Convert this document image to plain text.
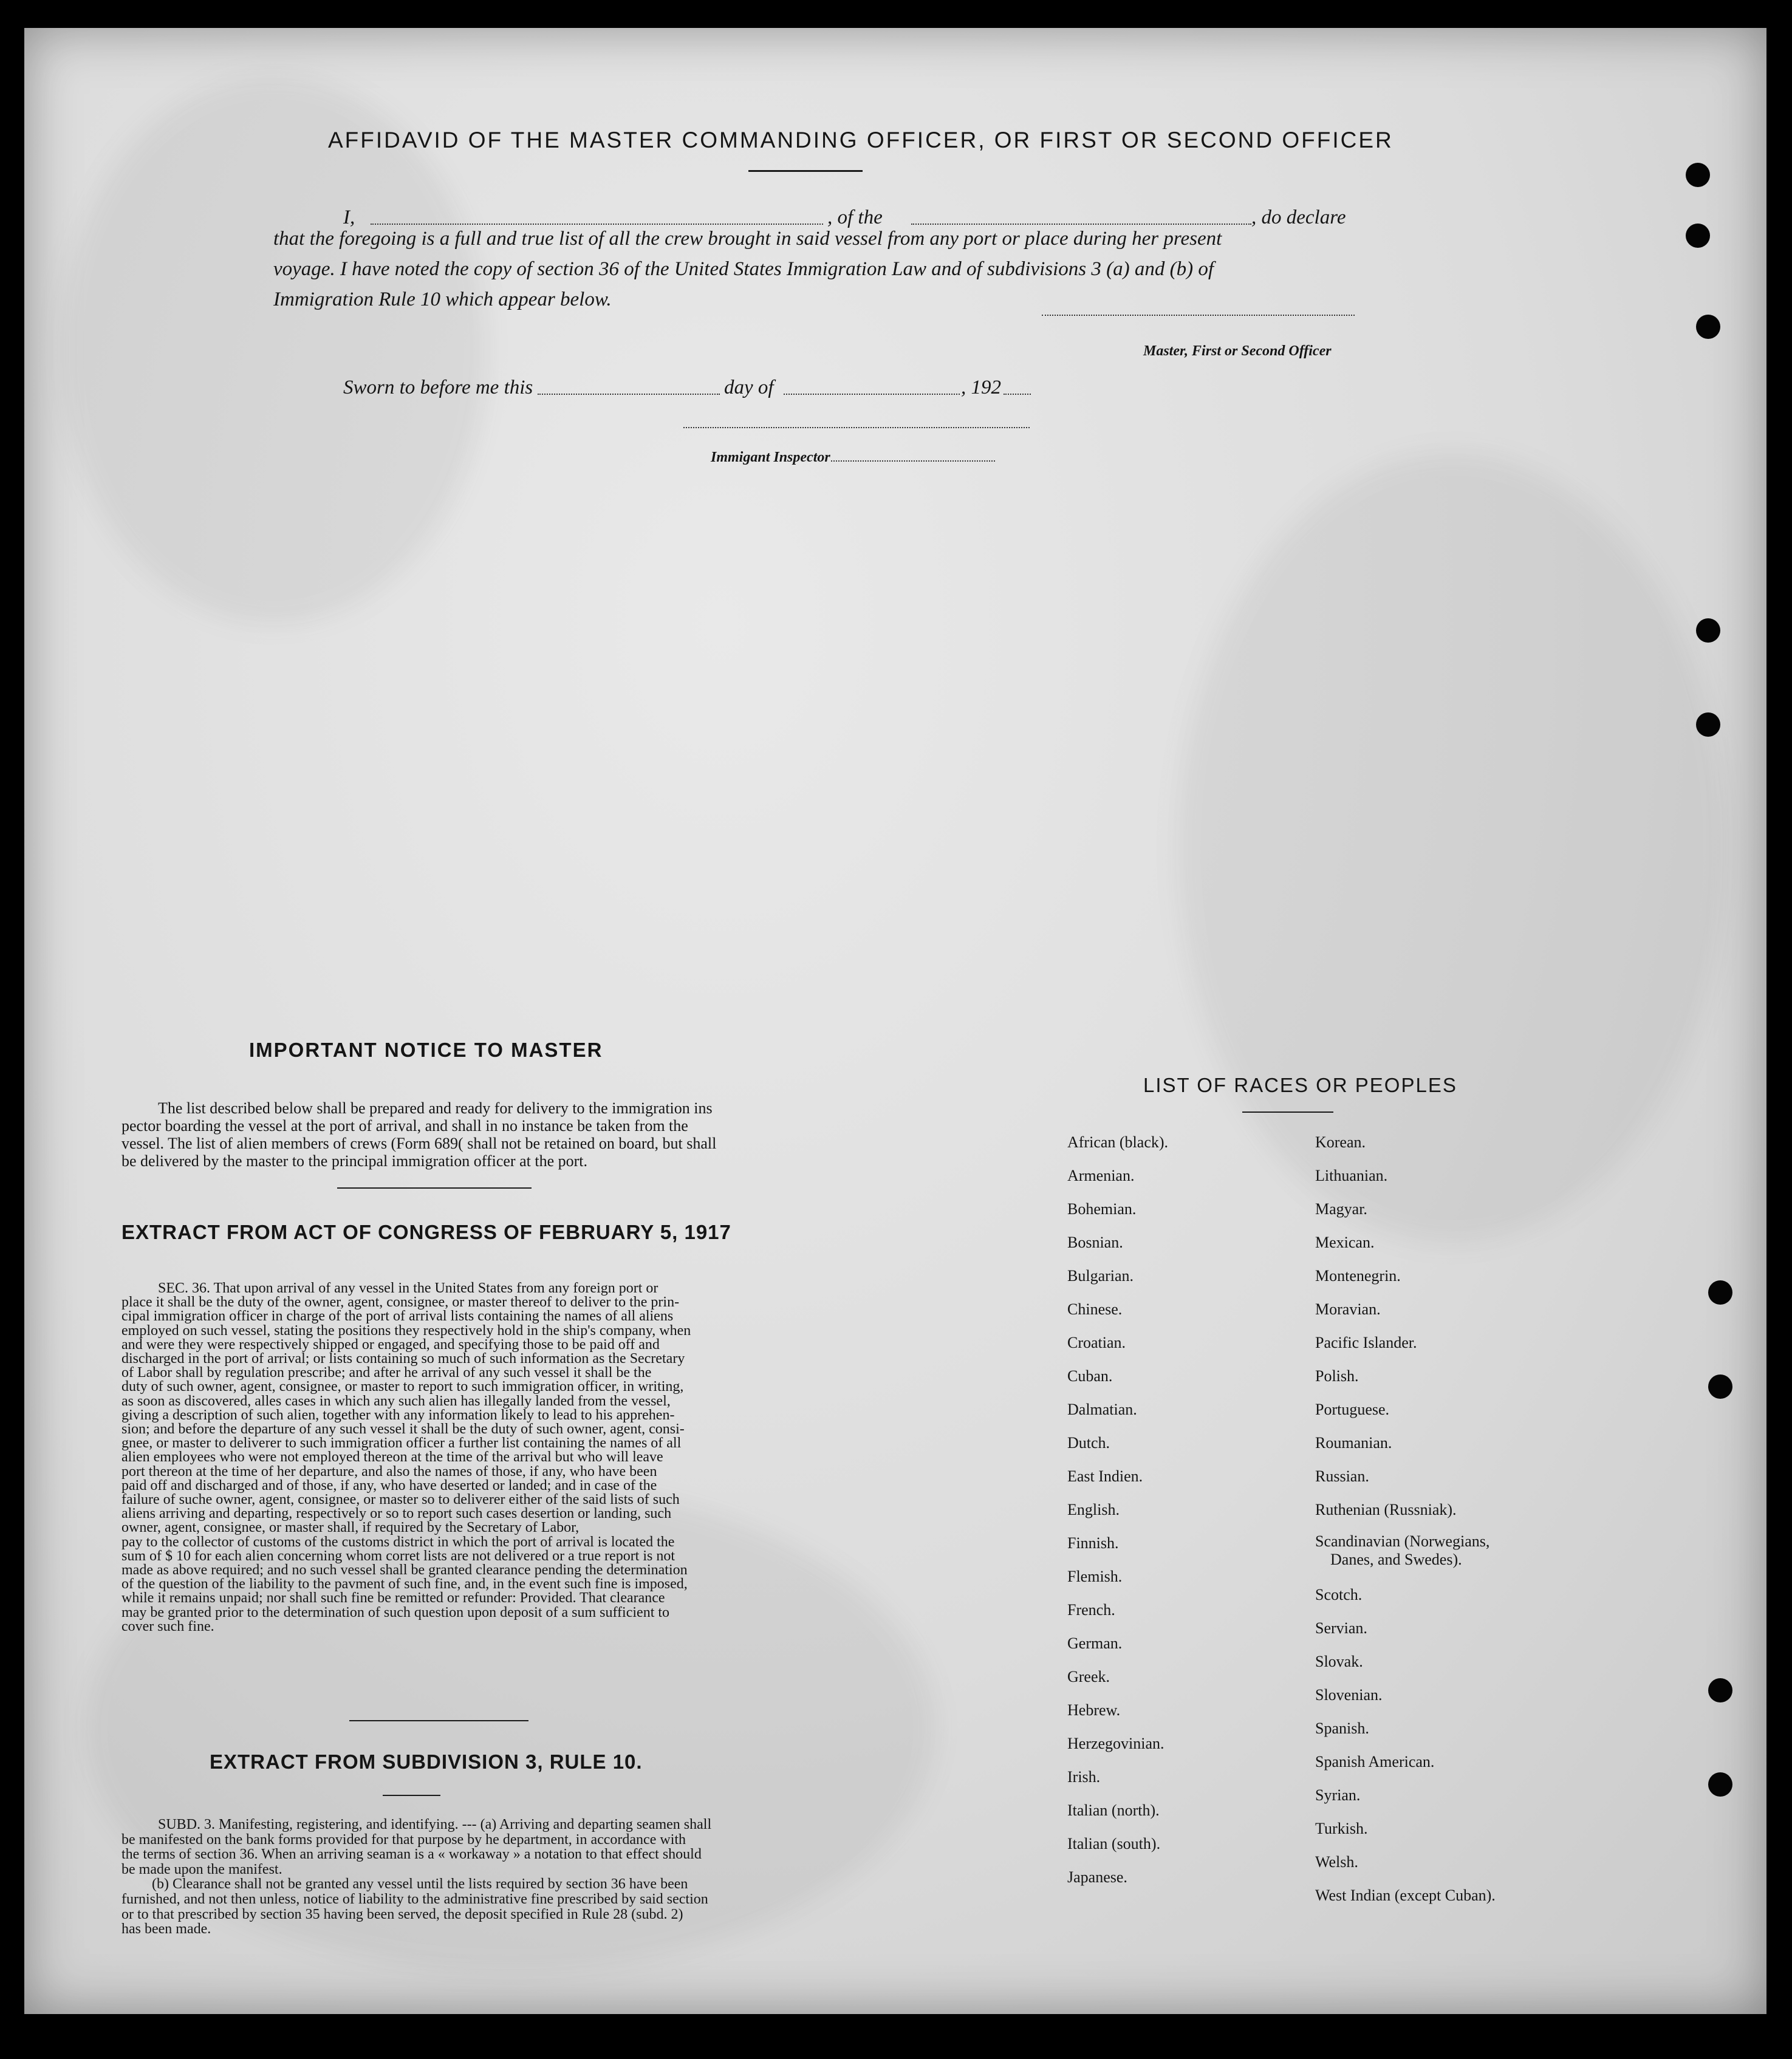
AFFIDAVID OF THE MASTER COMMANDING OFFICER, OR FIRST OR SECOND OFFICER
I,	, of the	, do declare
that the foregoing is a full and true list of all the crew brought in said vessel from any port or place during her present
voyage. I have noted the copy of section 36 of the United States Immigration Law and of subdivisions 3 (a) and (b) of
Immigration Rule 10 which appear below.
Master, First or Second Officer
Sworn to before me this	day of	, 192
Immigant Inspector
IMPORTANT NOTICE TO MASTER
The list described below shall be prepared and ready for delivery to the immigration ins
pector boarding the vessel at the port of arrival, and shall in no instance be taken from the
vessel. The list of alien members of crews (Form 689( shall not be retained on board, but shall
be delivered by the master to the principal immigration officer at the port.
EXTRACT FROM ACT OF CONGRESS OF FEBRUARY 5, 1917
SEC. 36. That upon arrival of any vessel in the United States from any foreign port or
place it shall be the duty of the owner, agent, consignee, or master thereof to deliver to the prin-
cipal immigration officer in charge of the port of arrival lists containing the names of all aliens
employed on such vessel, stating the positions they respectively hold in the ship's company, when
and were they were respectively shipped or engaged, and specifying those to be paid off and
discharged in the port of arrival; or lists containing so much of such information as the Secretary
of Labor shall by regulation prescribe; and after he arrival of any such vessel it shall be the
duty of such owner, agent, consignee, or master to report to such immigration officer, in writing,
as soon as discovered, alles cases in which any such alien has illegally landed from the vessel,
giving a description of such alien, together with any information likely to lead to his apprehen-
sion; and before the departure of any such vessel it shall be the duty of such owner, agent, consi-
gnee, or master to deliverer to such immigration officer a further list containing the names of all
alien employees who were not employed thereon at the time of the arrival but who will leave
port thereon at the time of her departure, and also the names of those, if any, who have been
paid off and discharged and of those, if any, who have deserted or landed; and in case of the
failure of suche owner, agent, consignee, or master so to deliverer either of the said lists of such
aliens arriving and departing, respectively or so to report such cases desertion or landing, such
owner, agent, consignee, or master shall, if required by the Secretary of Labor,
pay to the collector of customs of the customs district in which the port of arrival is located the
sum of $ 10 for each alien concerning whom corret lists are not delivered or a true report is not
made as above required; and no such vessel shall be granted clearance pending the determination
of the question of the liability to the pavment of such fine, and, in the event such fine is imposed,
while it remains unpaid; nor shall such fine be remitted or refunder: Provided. That clearance
may be granted prior to the determination of such question upon deposit of a sum sufficient to
cover such fine.
EXTRACT FROM SUBDIVISION 3, RULE 10.
SUBD. 3. Manifesting, registering, and identifying. --- (a) Arriving and departing seamen shall
be manifested on the bank forms provided for that purpose by he department, in accordance with
the terms of section 36. When an arriving seaman is a « workaway » a notation to that effect should
be made upon the manifest.
(b) Clearance shall not be granted any vessel until the lists required by section 36 have been
furnished, and not then unless, notice of liability to the administrative fine prescribed by said section
or to that prescribed by section 35 having been served, the deposit specified in Rule 28 (subd. 2)
has been made.
LIST OF RACES OR PEOPLES
African (black).
Armenian.
Bohemian.
Bosnian.
Bulgarian.
Chinese.
Croatian.
Cuban.
Dalmatian.
Dutch.
East Indien.
English.
Finnish.
Flemish.
French.
German.
Greek.
Hebrew.
Herzegovinian.
Irish.
Italian (north).
Italian (south).
Japanese.
Korean.
Lithuanian.
Magyar.
Mexican.
Montenegrin.
Moravian.
Pacific Islander.
Polish.
Portuguese.
Roumanian.
Russian.
Ruthenian (Russniak).
Scandinavian (Norwegians,
Danes, and Swedes).
Scotch.
Servian.
Slovak.
Slovenian.
Spanish.
Spanish American.
Syrian.
Turkish.
Welsh.
West Indian (except Cuban).
